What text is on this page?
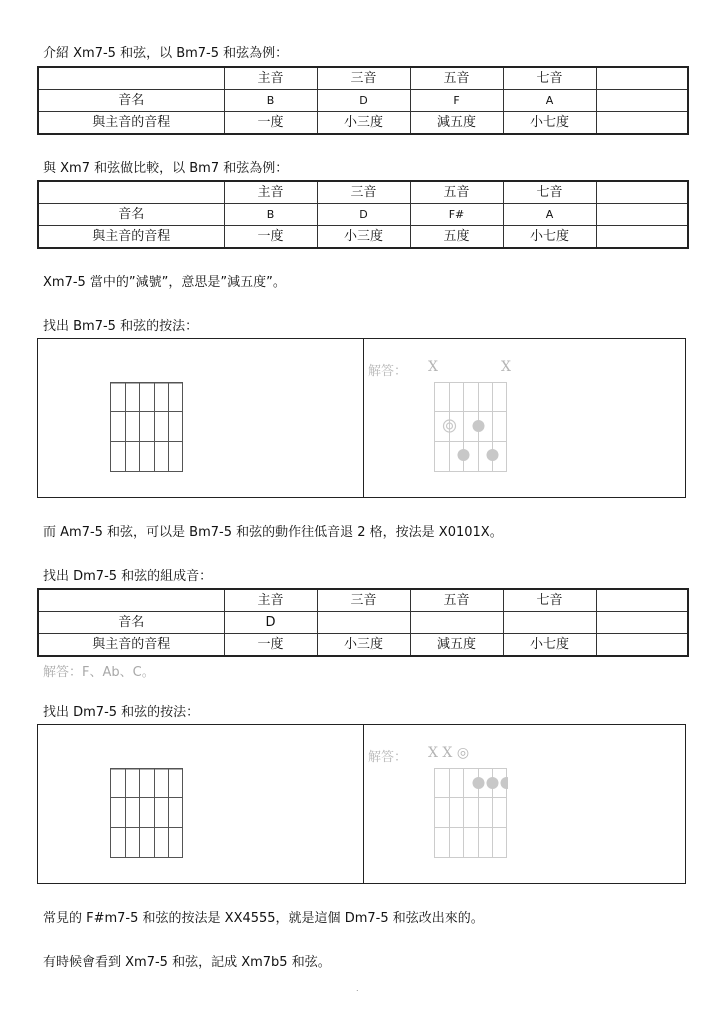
介紹 Xm7-5 和弦，以 Bm7-5 和弦為例：
	主音	三音	五音	七音	
音名	B	D	F	A	
與主音的音程	一度	小三度	減五度	小七度	
與 Xm7 和弦做比較，以 Bm7 和弦為例：
	主音	三音	五音	七音	
音名	B	D	F#	A	
與主音的音程	一度	小三度	五度	小七度	
Xm7-5 當中的”減號”，意思是”減五度”。
找出 Bm7-5 和弦的按法：
解答： X	X
而 Am7-5 和弦，可以是 Bm7-5 和弦的動作往低音退 2 格，按法是 X0101X。
找出 Dm7-5 和弦的組成音：
	主音	三音	五音	七音	
音名	D				
與主音的音程	一度	小三度	減五度	小七度	
解答：F、Ab、C。
找出 Dm7-5 和弦的按法：
解答： X X ◎
常見的 F#m7-5 和弦的按法是 XX4555，就是這個 Dm7-5 和弦改出來的。
有時候會看到 Xm7-5 和弦，記成 Xm7b5 和弦。
.
